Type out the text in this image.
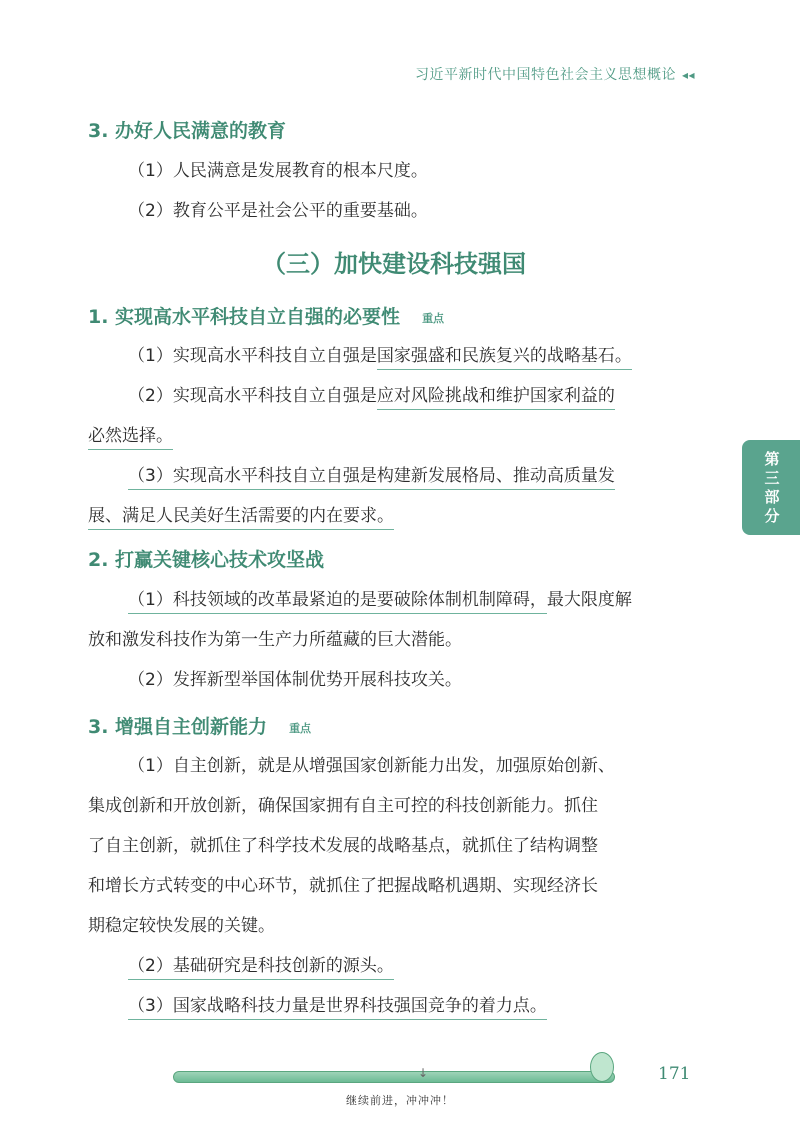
习近平新时代中国特色社会主义思想概论 ◂◂
3. 办好人民满意的教育
（1）人民满意是发展教育的根本尺度。
（2）教育公平是社会公平的重要基础。
（三）加快建设科技强国
1. 实现高水平科技自立自强的必要性 重点
（1）实现高水平科技自立自强是国家强盛和民族复兴的战略基石。
（2）实现高水平科技自立自强是应对风险挑战和维护国家利益的
必然选择。
（3）实现高水平科技自立自强是构建新发展格局、推动高质量发
展、满足人民美好生活需要的内在要求。
2. 打赢关键核心技术攻坚战
（1）科技领域的改革最紧迫的是要破除体制机制障碍，最大限度解
放和激发科技作为第一生产力所蕴藏的巨大潜能。
（2）发挥新型举国体制优势开展科技攻关。
3. 增强自主创新能力 重点
（1）自主创新，就是从增强国家创新能力出发，加强原始创新、
集成创新和开放创新，确保国家拥有自主可控的科技创新能力。抓住
了自主创新，就抓住了科学技术发展的战略基点，就抓住了结构调整
和增长方式转变的中心环节，就抓住了把握战略机遇期、实现经济长
期稳定较快发展的关键。
（2）基础研究是科技创新的源头。
（3）国家战略科技力量是世界科技强国竞争的着力点。
第三部分
↓	171
继续前进，冲冲冲！
